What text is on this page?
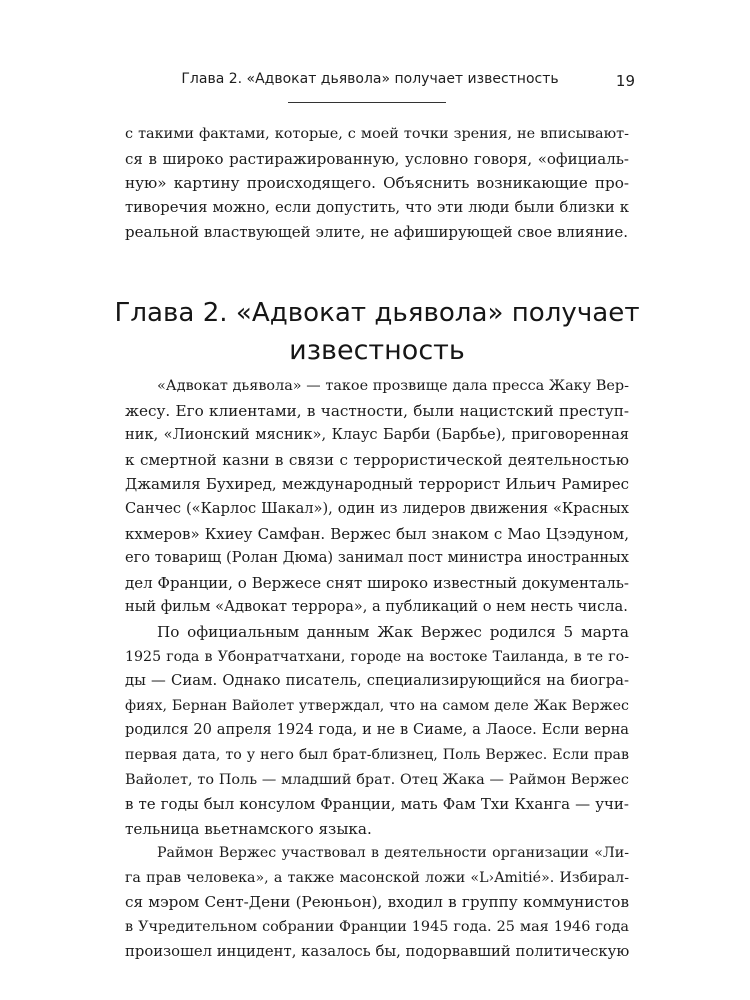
Глава 2. «Адвокат дьявола» получает известность	19
с такими фактами, которые, с моей точки зрения, не вписывают-
ся в широко растиражированную, условно говоря, «официаль-
ную» картину происходящего. Объяснить возникающие про-
тиворечия можно, если допустить, что эти люди были близки к
реальной властвующей элите, не афиширующей свое влияние.
Глава 2. «Адвокат дьявола» получает
известность
«Адвокат дьявола» — такое прозвище дала пресса Жаку Вер-
жесу. Его клиентами, в частности, были нацистский преступ-
ник, «Лионский мясник», Клаус Барби (Барбье), приговоренная
к смертной казни в связи с террористической деятельностью
Джамиля Бухиред, международный террорист Ильич Рамирес
Санчес («Карлос Шакал»), один из лидеров движения «Красных
кхмеров» Кхиеу Самфан. Вержес был знаком с Мао Цзэдуном,
его товарищ (Ролан Дюма) занимал пост министра иностранных
дел Франции, о Вержесе снят широко известный документаль-
ный фильм «Адвокат террора», а публикаций о нем несть числа.
По официальным данным Жак Вержес родился 5 марта
1925 года в Убонратчатхани, городе на востоке Таиланда, в те го-
ды — Сиам. Однако писатель, специализирующийся на биогра-
фиях, Бернан Вайолет утверждал, что на самом деле Жак Вержес
родился 20 апреля 1924 года, и не в Сиаме, а Лаосе. Если верна
первая дата, то у него был брат-близнец, Поль Вержес. Если прав
Вайолет, то Поль — младший брат. Отец Жака — Раймон Вержес
в те годы был консулом Франции, мать Фам Тхи Кханга — учи-
тельница вьетнамского языка.
Раймон Вержес участвовал в деятельности организации «Ли-
га прав человека», а также масонской ложи «L›Amitié». Избирал-
ся мэром Сент-Дени (Реюньон), входил в группу коммунистов
в Учредительном собрании Франции 1945 года. 25 мая 1946 года
произошел инцидент, казалось бы, подорвавший политическую
